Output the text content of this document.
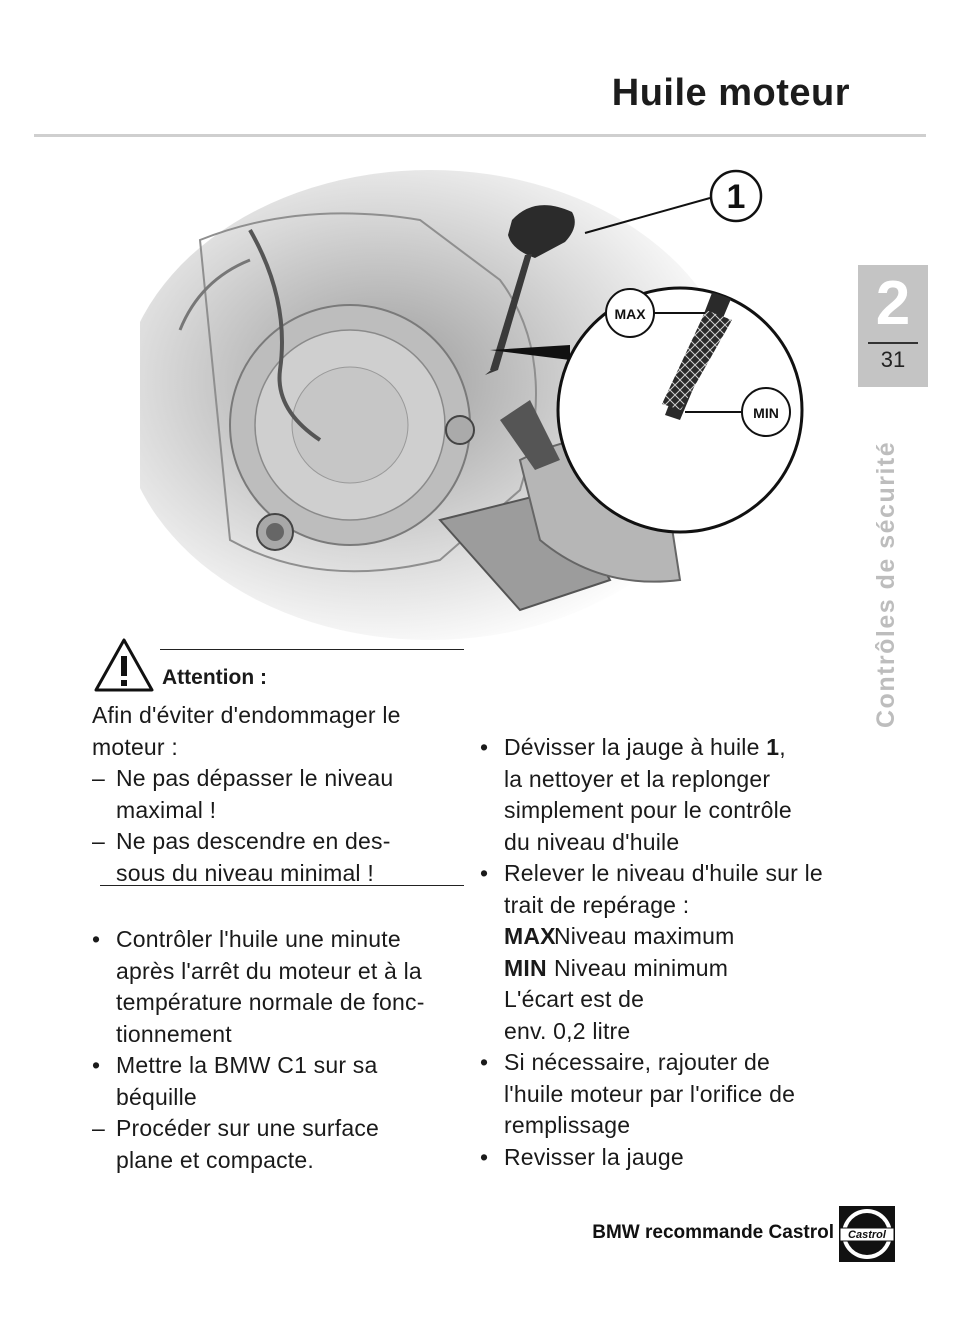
Huile moteur
2
31
Contrôles de sécurité
1
MAX
MIN
Attention :
Afin d'éviter d'endommager le
moteur :
– Ne pas dépasser le niveau
maximal !
– Ne pas descendre en des-
sous du niveau minimal !
• Contrôler l'huile une minute
après l'arrêt du moteur et à la
température normale de fonc-
tionnement
• Mettre la BMW C1 sur sa
béquille
– Procéder sur une surface
plane et compacte.
• Dévisser la jauge à huile 1,
la nettoyer et la replonger
simplement pour le contrôle
du niveau d'huile
• Relever le niveau d'huile sur le
trait de repérage :
MAXNiveau maximum
MIN Niveau minimum
L'écart est de
env. 0,2 litre
• Si nécessaire, rajouter de
l'huile moteur par l'orifice de
remplissage
• Revisser la jauge
BMW recommande Castrol Castrol
